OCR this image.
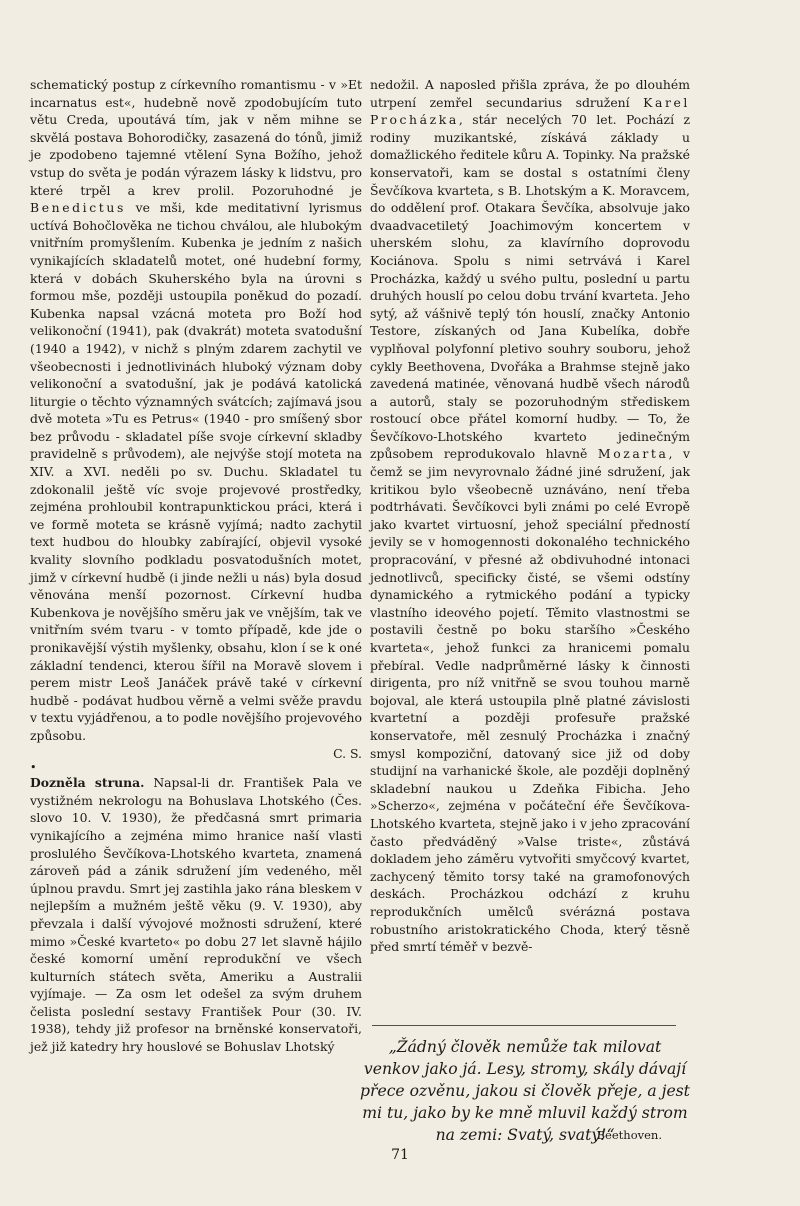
schematický postup z církevního romantismu - v »Et incarnatus est«, hudebně nově zpodobujícím tuto větu Creda, upoutává tím, jak v něm mihne se skvělá postava Bohorodičky, zasazená do tónů, jimiž je zpodobeno tajemné vtělení Syna Božího, jehož vstup do světa je podán výrazem lásky k lidstvu, pro které trpěl a krev prolil. Pozoruhodné je Benedictus ve mši, kde meditativní lyrismus uctívá Bohočlověka ne tichou chválou, ale hlubokým vnitřním promyšlením. Kubenka je jedním z našich vynikajících skladatelů motet, oné hudební formy, která v dobách Skuherského byla na úrovni s formou mše, později ustoupila poněkud do pozadí. Kubenka napsal vzácná moteta pro Boží hod velikonoční (1941), pak (dvakrát) moteta svatodušní (1940 a 1942), v nichž s plným zdarem zachytil ve všeobecnosti i jednotlivinách hluboký význam doby velikonoční a svatodušní, jak je podává katolická liturgie o těchto významných svátcích; zajímavá jsou dvě moteta »Tu es Petrus« (1940 - pro smíšený sbor bez průvodu - skladatel píše svoje církevní skladby pravidelně s průvodem), ale nejvýše stojí moteta na XIV. a XVI. neděli po sv. Duchu. Skladatel tu zdokonalil ještě víc svoje projevové prostředky, zejména prohloubil kontrapunktickou práci, která i ve formě moteta se krásně vyjímá; nadto zachytil text hudbou do hloubky zabírající, objevil vysoké kvality slovního podkladu posvatodušních motet, jimž v církevní hudbě (i jinde nežli u nás) byla dosud věnována menší pozornost. Církevní hudba Kubenkova je novějšího směru jak ve vnějším, tak ve vnitřním svém tvaru - v tomto případě, kde jde o pronikavější výstih myšlenky, obsahu, klon í se k oné základní tendenci, kterou šířil na Moravě slovem i perem mistr Leoš Janáček právě také v církevní hudbě - podávat hudbou věrně a velmi svěže pravdu v textu vyjádřenou, a to podle novějšího projevového způsobu.

C. S.

•

Dozněla struna. Napsal-li dr. František Pala ve vystižném nekrologu na Bohuslava Lhotského (Čes. slovo 10. V. 1930), že předčasná smrt primaria vynikajícího a zejména mimo hranice naší vlasti proslulého Ševčíkova-Lhotského kvarteta, znamená zároveň pád a zánik sdružení jím vedeného, měl úplnou pravdu. Smrt jej zastihla jako rána bleskem v nejlepším a mužném ještě věku (9. V. 1930), aby převzala i další vývojové možnosti sdružení, které mimo »České kvarteto« po dobu 27 let slavně hájilo české komorní umění reprodukční ve všech kulturních státech světa, Ameriku a Australii vyjímaje. — Za osm let odešel za svým druhem čelista poslední sestavy František Pour (30. IV. 1938), tehdy již profesor na brněnské konservatoři, jež již katedry hry houslové se Bohuslav Lhotský

nedožil. A naposled přišla zpráva, že po dlouhém utrpení zemřel secundarius sdružení Karel Procházka, stár necelých 70 let. Pochází z rodiny muzikantské, získává základy u domažlického ředitele kůru A. Topinky. Na pražské konservatoři, kam se dostal s ostatními členy Ševčíkova kvarteta, s B. Lhotským a K. Moravcem, do oddělení prof. Otakara Ševčíka, absolvuje jako dvaadvacetiletý Joachimovým koncertem v uherském slohu, za klavírního doprovodu Kociánova. Spolu s nimi setrvává i Karel Procházka, každý u svého pultu, poslední u partu druhých houslí po celou dobu trvání kvarteta. Jeho sytý, až vášnivě teplý tón houslí, značky Antonio Testore, získaných od Jana Kubelíka, dobře vyplňoval polyfonní pletivo souhry souboru, jehož cykly Beethovena, Dvořáka a Brahmse stejně jako zavedená matinée, věnovaná hudbě všech národů a autorů, staly se pozoruhodným střediskem rostoucí obce přátel komorní hudby. — To, že Ševčíkovo-Lhotského kvarteto jedinečným způsobem reprodukovalo hlavně Mozarta, v čemž se jim nevyrovnalo žádné jiné sdružení, jak kritikou bylo všeobecně uznáváno, není třeba podtrhávati. Ševčíkovci byli známi po celé Evropě jako kvartet virtuosní, jehož speciální předností jevily se v homogennosti dokonalého technického propracování, v přesné až obdivuhodné intonaci jednotlivců, specificky čisté, se všemi odstíny dynamického a rytmického podání a typicky vlastního ideového pojetí. Těmito vlastnostmi se postavili čestně po boku staršího »Českého kvarteta«, jehož funkci za hranicemi pomalu přebíral. Vedle nadprůměrné lásky k činnosti dirigenta, pro níž vnitřně se svou touhou marně bojoval, ale která ustoupila plně platné závislosti kvartetní a později profesuře pražské konservatoře, měl zesnulý Procházka i značný smysl kompoziční, datovaný sice již od doby studijní na varhanické škole, ale později doplněný skladební naukou u Zdeňka Fibicha. Jeho »Scherzo«, zejména v počáteční éře Ševčíkova-Lhotského kvarteta, stejně jako i v jeho zpracování často předváděný »Valse triste«, zůstává dokladem jeho záměru vytvořiti smyčcový kvartet, zachycený těmito torsy také na gramofonových deskách. Procházkou odchází z kruhu reprodukčních umělců svérázná postava robustního aristokratického Choda, který těsně před smrtí téměř v bezvě-

„Žádný člověk nemůže tak milovat venkov jako já. Lesy, stromy, skály dávají přece ozvěnu, jakou si člověk přeje, a jest mi tu, jako by ke mně mluvil každý strom na zemi: Svatý, svatý!“

Beethoven.

71
